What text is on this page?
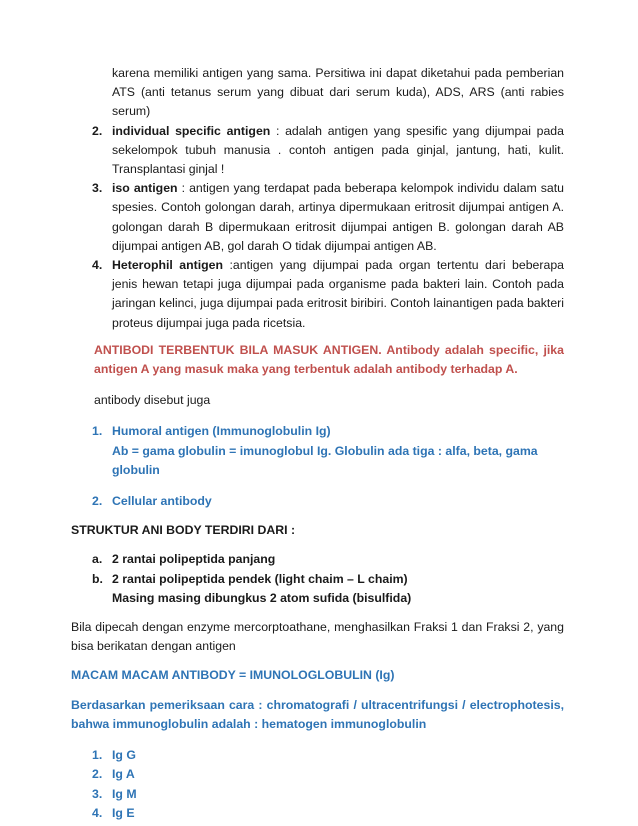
karena memiliki antigen yang sama. Persitiwa ini dapat diketahui pada pemberian ATS (anti tetanus serum yang dibuat dari serum kuda), ADS, ARS (anti rabies serum)

2. individual specific antigen : adalah antigen yang spesific yang dijumpai pada sekelompok tubuh manusia . contoh antigen pada ginjal, jantung, hati, kulit. Transplantasi ginjal !
3. iso antigen : antigen yang terdapat pada beberapa kelompok individu dalam satu spesies. Contoh golongan darah, artinya dipermukaan eritrosit dijumpai antigen A. golongan darah B dipermukaan eritrosit dijumpai antigen B. golongan darah AB dijumpai antigen AB, gol darah O tidak dijumpai antigen AB.
4. Heterophil antigen :antigen yang dijumpai pada organ tertentu dari beberapa jenis hewan tetapi juga dijumpai pada organisme pada bakteri lain. Contoh pada jaringan kelinci, juga dijumpai pada eritrosit biribiri. Contoh lainantigen pada bakteri proteus dijumpai juga pada ricetsia.

ANTIBODI TERBENTUK BILA MASUK ANTIGEN. Antibody adalah specific, jika antigen A yang masuk maka yang terbentuk adalah antibody terhadap A.

antibody disebut juga

1. Humoral antigen (Immunoglobulin Ig)
Ab = gama globulin = imunoglobul Ig. Globulin ada tiga : alfa, beta, gama globulin
2. Cellular antibody

STRUKTUR ANI BODY TERDIRI DARI :

a. 2 rantai polipeptida panjang
b. 2 rantai polipeptida pendek (light chaim – L chaim)
Masing masing dibungkus 2 atom sufida (bisulfida)

Bila dipecah dengan enzyme mercorptoathane, menghasilkan Fraksi 1 dan Fraksi 2, yang bisa berikatan dengan antigen

MACAM MACAM ANTIBODY = IMUNOLOGLOBULIN (Ig)

Berdasarkan pemeriksaan cara : chromatografi / ultracentrifungsi / electrophotesis, bahwa immunoglobulin adalah : hematogen immunoglobulin

1. Ig G
2. Ig A
3. Ig M
4. Ig E
